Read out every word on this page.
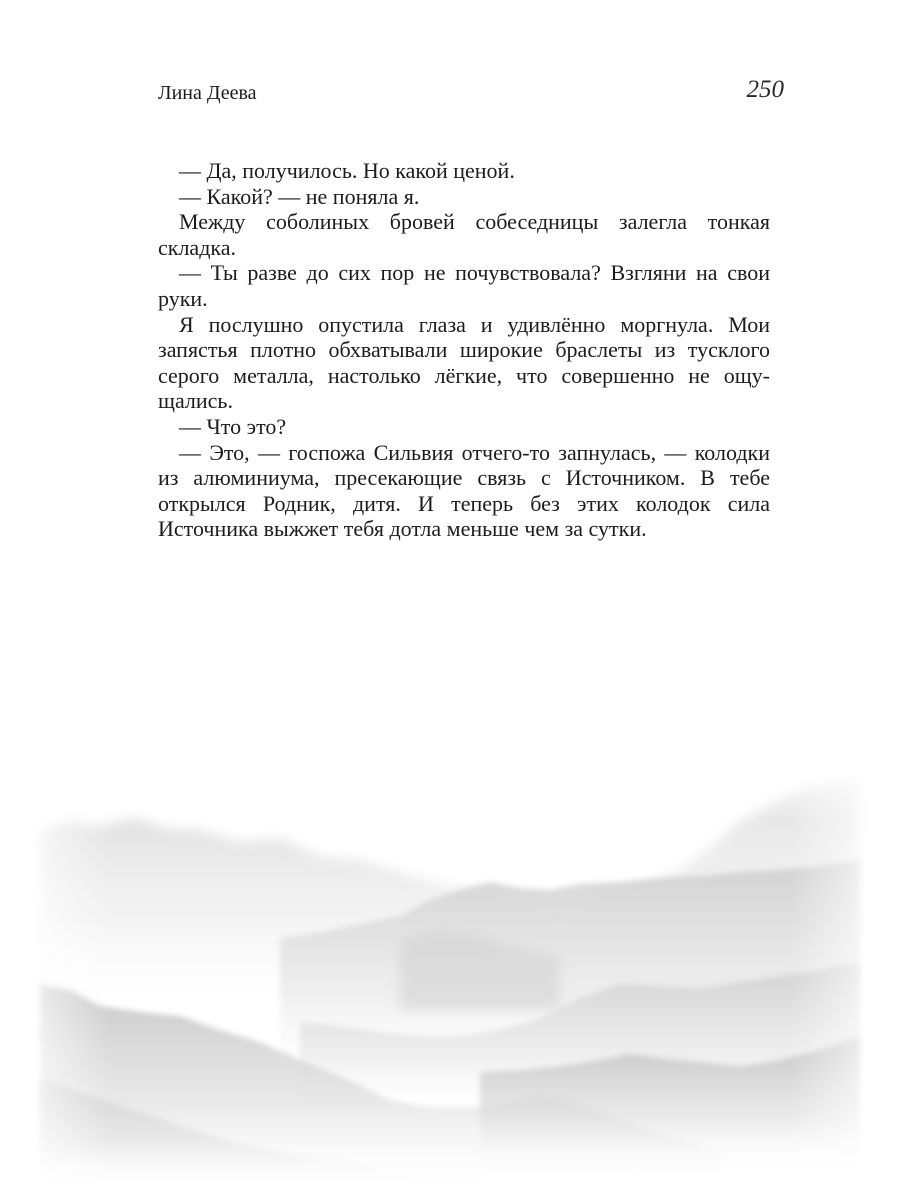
Лина Деева	250

— Да, получилось. Но какой ценой.

— Какой? — не поняла я.

Между соболиных бровей собеседницы залегла тонкая складка.

— Ты разве до сих пор не почувствовала? Взгляни на свои руки.

Я послушно опустила глаза и удивлённо моргнула. Мои запястья плотно обхватывали широкие браслеты из тусклого серого металла, настолько лёгкие, что совершенно не ощущались.

— Что это?

— Это, — госпожа Сильвия отчего-то запнулась, — колодки из алюминиума, пресекающие связь с Источником. В тебе открылся Родник, дитя. И теперь без этих колодок сила Источника выжжет тебя дотла меньше чем за сутки.
